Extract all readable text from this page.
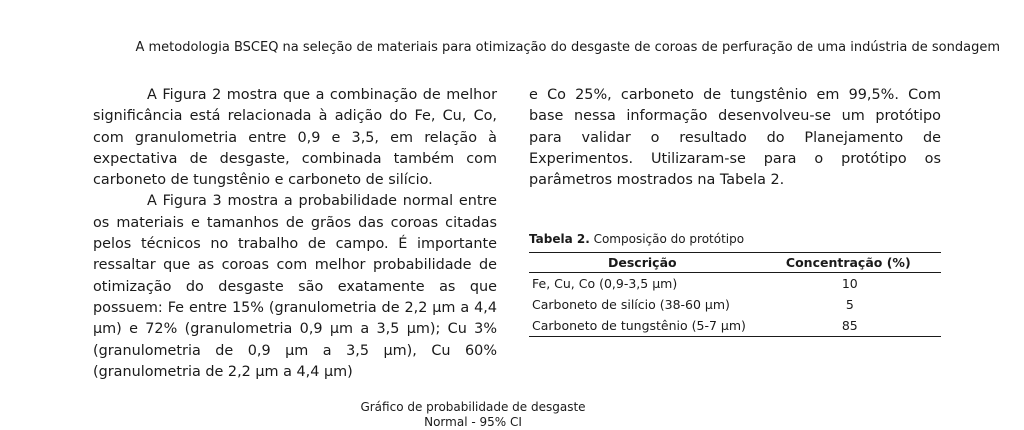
A metodologia BSCEQ na seleção de materiais para otimização do desgaste de coroas de perfuração de uma indústria de sondagem

A Figura 2 mostra que a combinação de melhor significância está relacionada à adição do Fe, Cu, Co, com granulometria entre 0,9 e 3,5, em relação à expectativa de desgaste, combinada também com carboneto de tungstênio e carboneto de silício.

A Figura 3 mostra a probabilidade normal entre os materiais e tamanhos de grãos das coroas citadas pelos técnicos no trabalho de campo. É importante ressaltar que as coroas com melhor probabilidade de otimização do desgaste são exatamente as que possuem: Fe entre 15% (granulometria de 2,2 µm a 4,4 µm) e 72% (granulometria 0,9 µm a 3,5 µm); Cu 3% (granulometria de 0,9 µm a 3,5 µm), Cu 60% (granulometria de 2,2 µm a 4,4 µm)

e Co 25%, carboneto de tungstênio em 99,5%. Com base nessa informação desenvolveu-se um protótipo para validar o resultado do Planejamento de Experimentos. Utilizaram-se para o protótipo os parâmetros mostrados na Tabela 2.

Tabela 2. Composição do protótipo
Descrição	Concentração (%)
Fe, Cu, Co (0,9-3,5 µm)	10
Carboneto de silício (38-60 µm)	5
Carboneto de tungstênio (5-7 µm)	85
Gráfico de probabilidade de desgaste
Normal - 95% CI
